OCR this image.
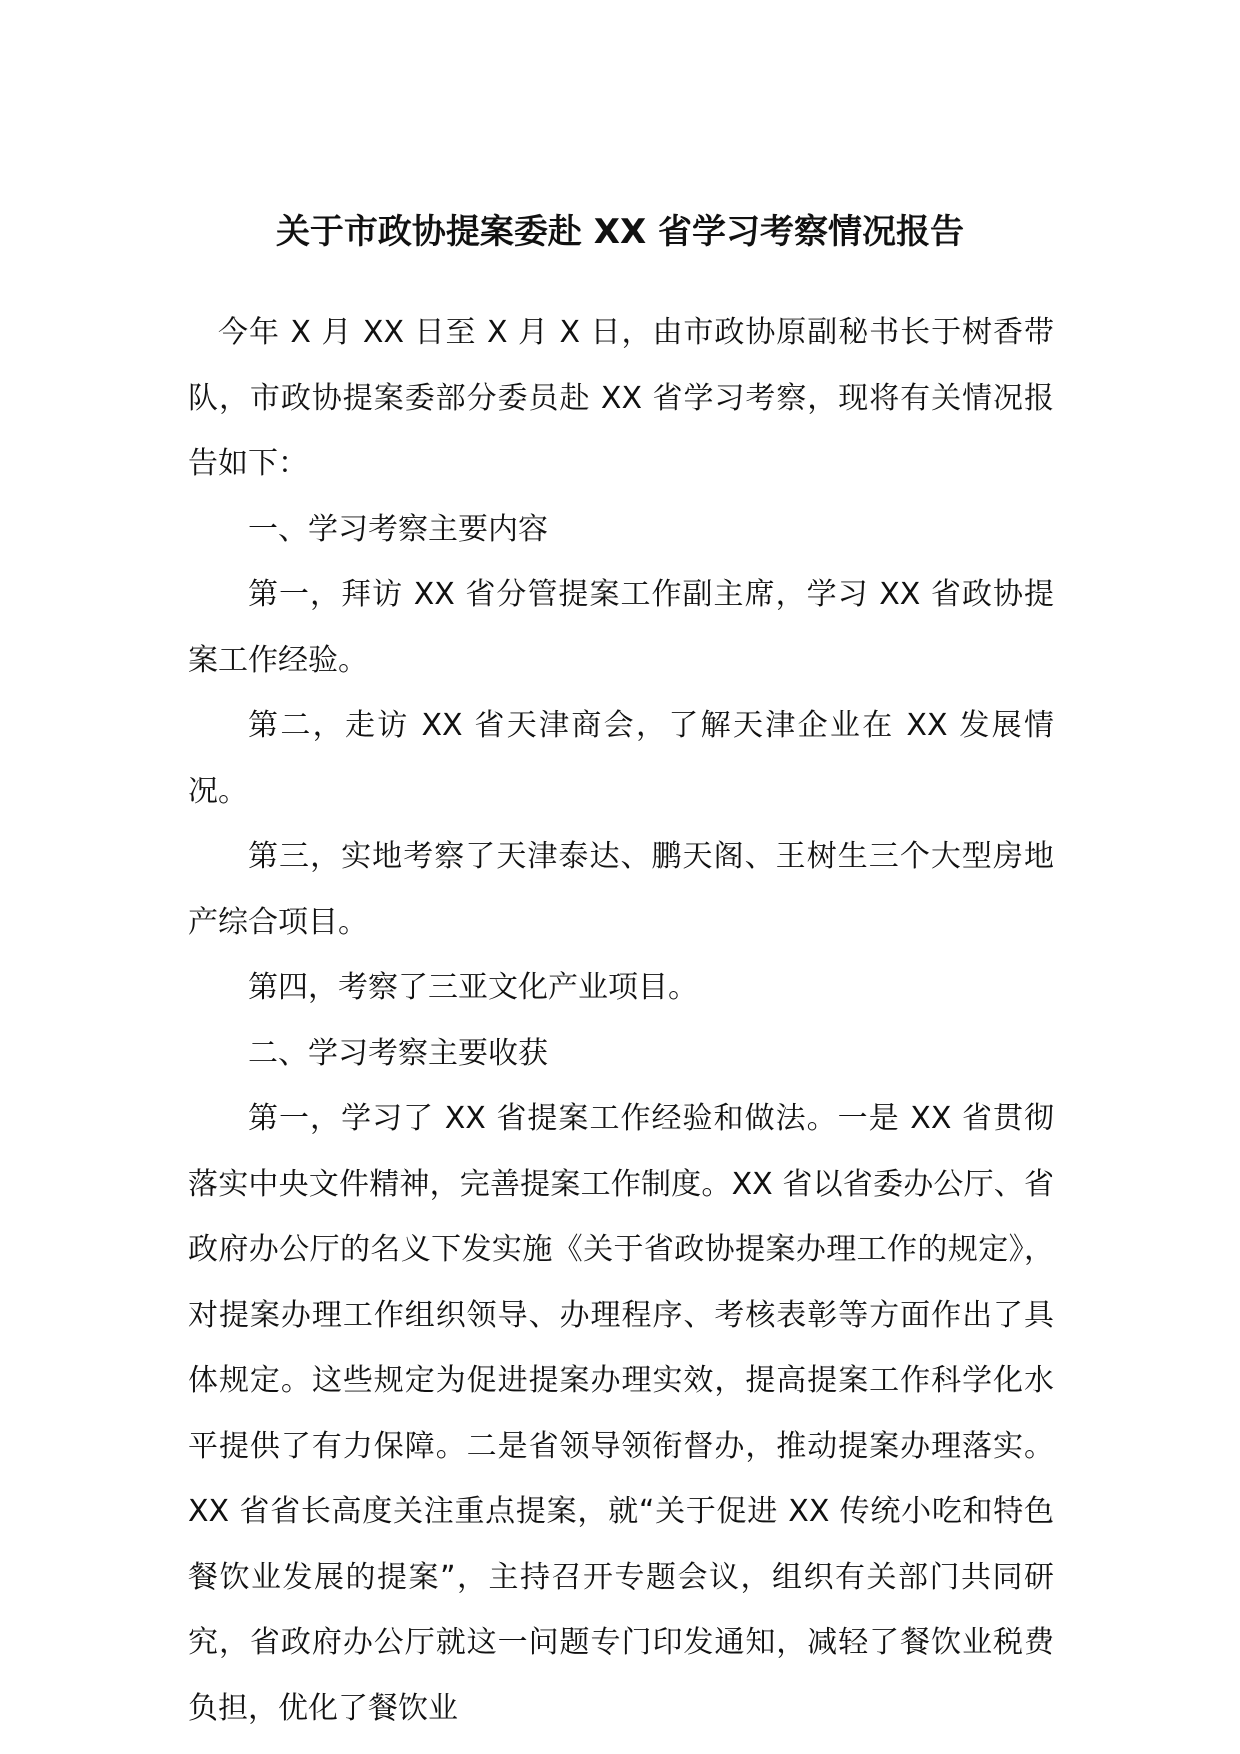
关于市政协提案委赴 XX 省学习考察情况报告

今年 X 月 XX 日至 X 月 X 日，由市政协原副秘书长于树香带队，市政协提案委部分委员赴 XX 省学习考察，现将有关情况报告如下：

一、学习考察主要内容

第一，拜访 XX 省分管提案工作副主席，学习 XX 省政协提案工作经验。

第二，走访 XX 省天津商会，了解天津企业在 XX 发展情况。

第三，实地考察了天津泰达、鹏天阁、王树生三个大型房地产综合项目。

第四，考察了三亚文化产业项目。

二、学习考察主要收获

第一，学习了 XX 省提案工作经验和做法。一是 XX 省贯彻落实中央文件精神，完善提案工作制度。XX 省以省委办公厅、省政府办公厅的名义下发实施《关于省政协提案办理工作的规定》，对提案办理工作组织领导、办理程序、考核表彰等方面作出了具体规定。这些规定为促进提案办理实效，提高提案工作科学化水平提供了有力保障。二是省领导领衔督办，推动提案办理落实。XX 省省长高度关注重点提案，就“关于促进 XX 传统小吃和特色餐饮业发展的提案”，主持召开专题会议，组织有关部门共同研究，省政府办公厅就这一问题专门印发通知，减轻了餐饮业税费负担，优化了餐饮业
